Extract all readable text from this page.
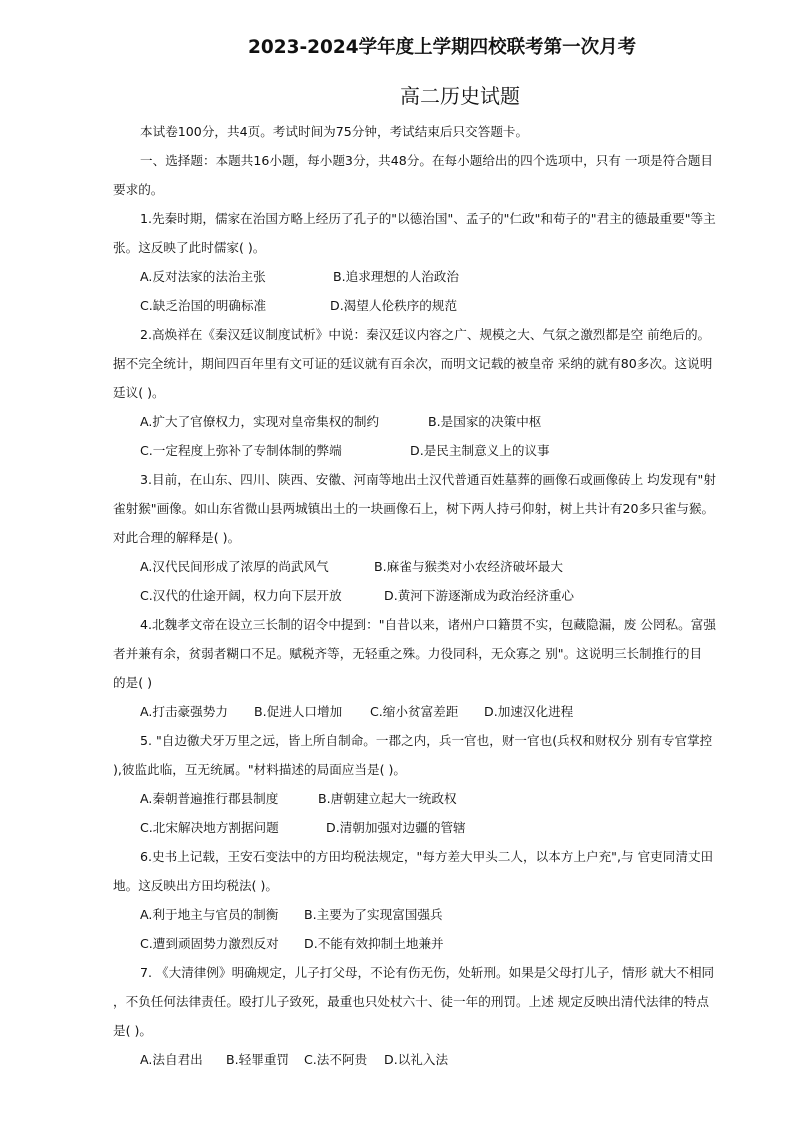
2023-2024学年度上学期四校联考第一次月考
高二历史试题
本试卷100分，共4页。考试时间为75分钟，考试结束后只交答题卡。
一、选择题：本题共16小题，每小题3分，共48分。在每小题给出的四个选项中，只有 一项是符合题目
要求的。
1.先秦时期，儒家在治国方略上经历了孔子的"以德治国"、孟子的"仁政"和荀子的"君主的德最重要"等主
张。这反映了此时儒家( )。
A.反对法家的法治主张	B.追求理想的人治政治
C.缺乏治国的明确标准	D.渴望人伦秩序的规范
2.高焕祥在《秦汉廷议制度试析》中说：秦汉廷议内容之广、规模之大、气氛之激烈都是空 前绝后的。
据不完全统计，期间四百年里有文可证的廷议就有百余次，而明文记载的被皇帝 采纳的就有80多次。这说明
廷议( )。
A.扩大了官僚权力，实现对皇帝集权的制约	B.是国家的决策中枢
C.一定程度上弥补了专制体制的弊端	D.是民主制意义上的议事
3.目前，在山东、四川、陕西、安徽、河南等地出土汉代普通百姓墓葬的画像石或画像砖上 均发现有"射
雀射猴"画像。如山东省微山县两城镇出土的一块画像石上，树下两人持弓仰射，树上共计有20多只雀与猴。
对此合理的解释是( )。
A.汉代民间形成了浓厚的尚武风气	B.麻雀与猴类对小农经济破坏最大
C.汉代的仕途开阔，权力向下层开放	D.黄河下游逐渐成为政治经济重心
4.北魏孝文帝在设立三长制的诏令中提到："自昔以来，诸州户口籍贯不实，包藏隐漏，废 公罔私。富强
者并兼有余，贫弱者糊口不足。赋税齐等，无轻重之殊。力役同科，无众寡之 别"。这说明三长制推行的目
的是( )
A.打击豪强势力 B.促进人口增加 C.缩小贫富差距 D.加速汉化进程
5. "自边徼犬牙万里之远，皆上所自制命。一郡之内，兵一官也，财一官也(兵权和财权分 别有专官掌控
),彼监此临，互无统属。"材料描述的局面应当是( )。
A.秦朝普遍推行郡县制度	B.唐朝建立起大一统政权
C.北宋解决地方割据问题	D.清朝加强对边疆的管辖
6.史书上记载，王安石变法中的方田均税法规定，"每方差大甲头二人，以本方上户充",与 官吏同清丈田
地。这反映出方田均税法( )。
A.利于地主与官员的制衡 B.主要为了实现富国强兵
C.遭到顽固势力激烈反对 D.不能有效抑制土地兼并
7. 《大清律例》明确规定，儿子打父母，不论有伤无伤，处斩刑。如果是父母打儿子，情形 就大不相同
，不负任何法律责任。殴打儿子致死，最重也只处杖六十、徒一年的刑罚。上述 规定反映出清代法律的特点
是( )。
A.法自君出 B.轻罪重罚 C.法不阿贵 D.以礼入法
